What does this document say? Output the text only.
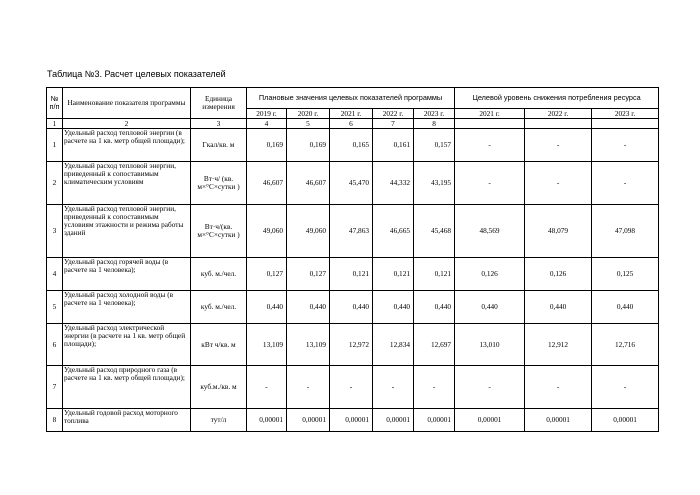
Таблица №3. Расчет целевых показателей
№ п/п	Наименование показателя программы	Единица измерения	Плановые значения целевых показателей программы					Целевой уровень снижения потребления ресурса		
			2019 г.	2020 г.	2021 г.	2022 г.	2023 г.	2021 г.	2022 г.	2023 г.
1	2	3	4	5	6	7	8			
1	Удельный расход тепловой энергии (в расчете на 1 кв. метр общей площади);	Гкал/кв. м	0,169	0,169	0,165	0,161	0,157	-	-	-
2	Удельный расход тепловой энергии, приведенный к сопоставимым климатическим условиям	Вт·ч/ (кв. м×°С×сутки )	46,607	46,607	45,470	44,332	43,195	-	-	-
3	Удельный расход тепловой энергии, приведенный к сопоставимым условиям этажности и режима работы зданий	Вт·ч/(кв. м×°С×сутки )	49,060	49,060	47,863	46,665	45,468	48,569	48,079	47,098
4	Удельный расход горячей воды (в расчете на 1 человека);	куб. м./чел.	0,127	0,127	0,121	0,121	0,121	0,126	0,126	0,125
5	Удельный расход холодной воды (в расчете на 1 человека);	куб. м./чел.	0,440	0,440	0,440	0,440	0,440	0,440	0,440	0,440
6	Удельный расход электрической энергии (в расчете на 1 кв. метр общей площади);	кВт ч/кв. м	13,109	13,109	12,972	12,834	12,697	13,010	12,912	12,716
7	Удельный расход природного газа (в расчете на 1 кв. метр общей площади);	куб.м./кв. м	-	-	-	-	-	-	-	-
8	Удельный годовой расход моторного топлива	тут/л	0,00001	0,00001	0,00001	0,00001	0,00001	0,00001	0,00001	0,00001
